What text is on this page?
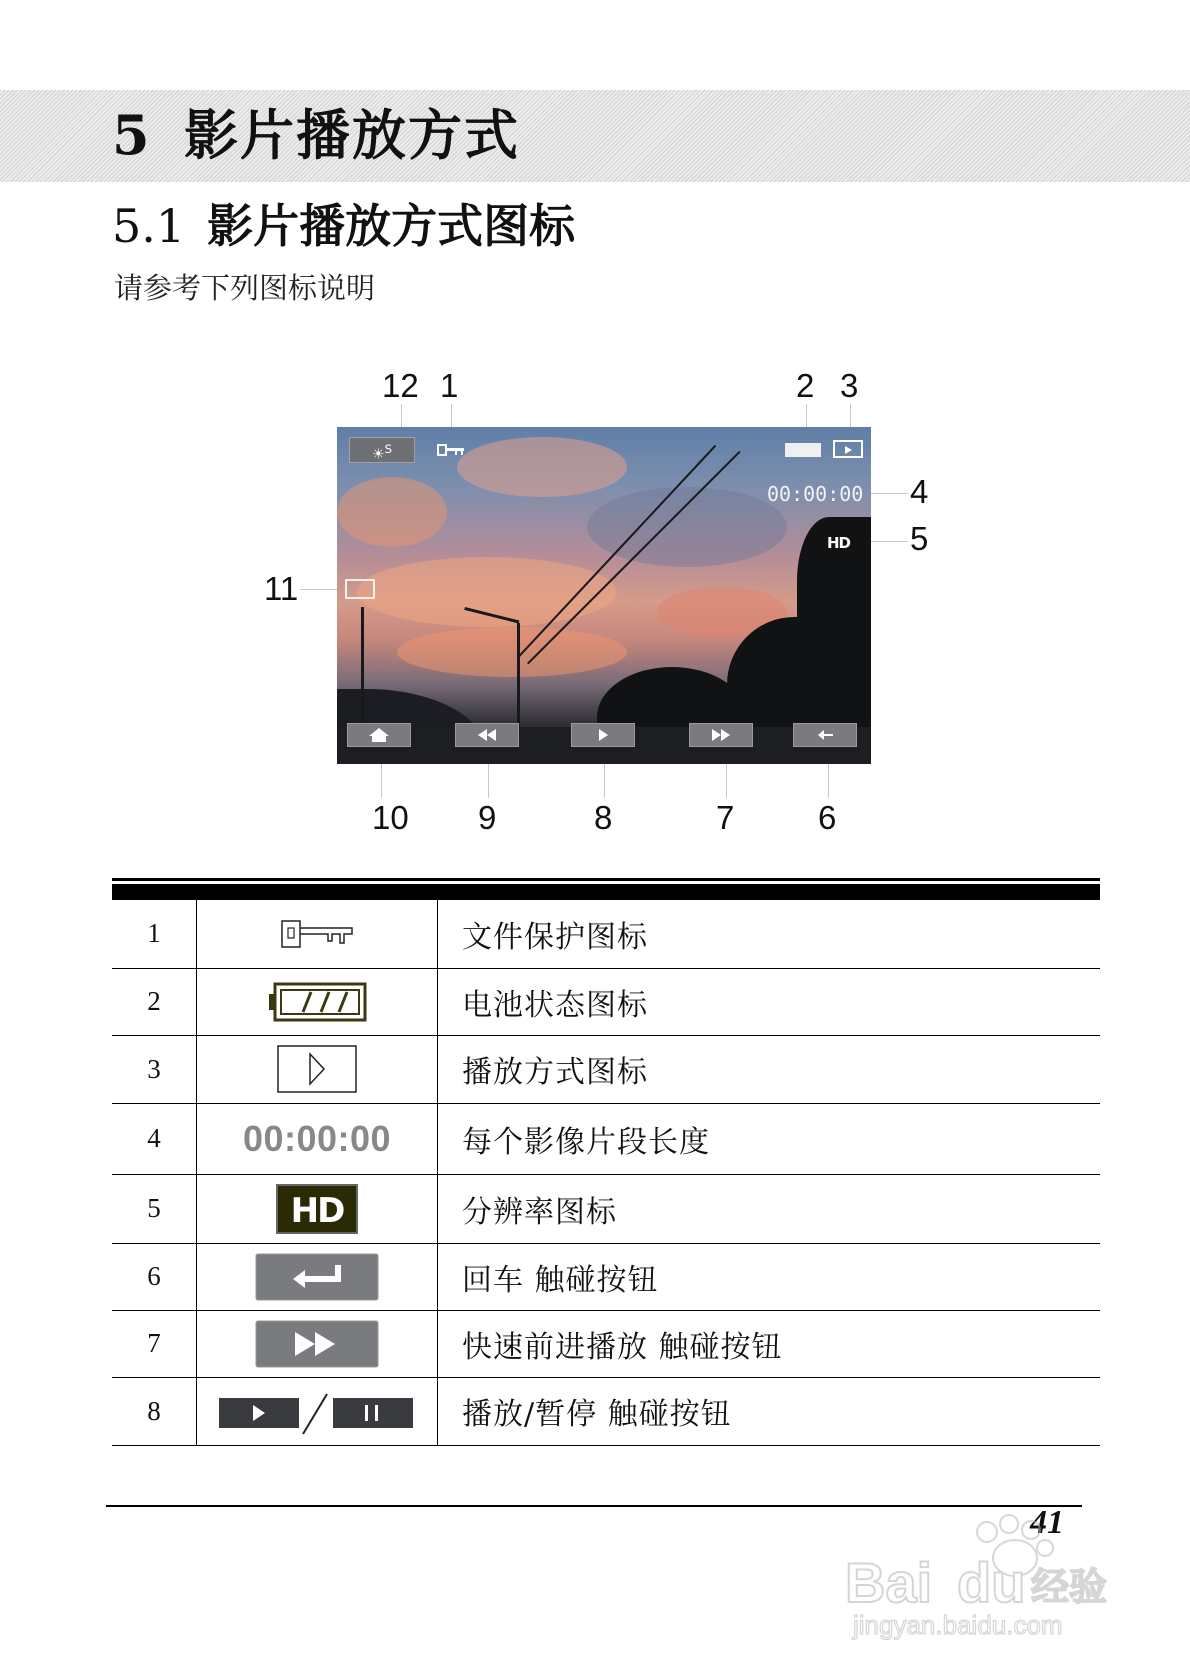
5 影片播放方式
5.1 影片播放方式图标
请参考下列图标说明
12 1	2 3
4
5
11
10 9	8	7	6
☀︎$^S$
00:00:00
HD
1		文件保护图标
2		电池状态图标
3		播放方式图标
4	00:00:00	每个影像片段长度
5	HD	分辨率图标
6		回车 触碰按钮
7		快速前进播放 触碰按钮
8		播放/暂停 触碰按钮
41
Bai du 经验
jingyan.baidu.com
